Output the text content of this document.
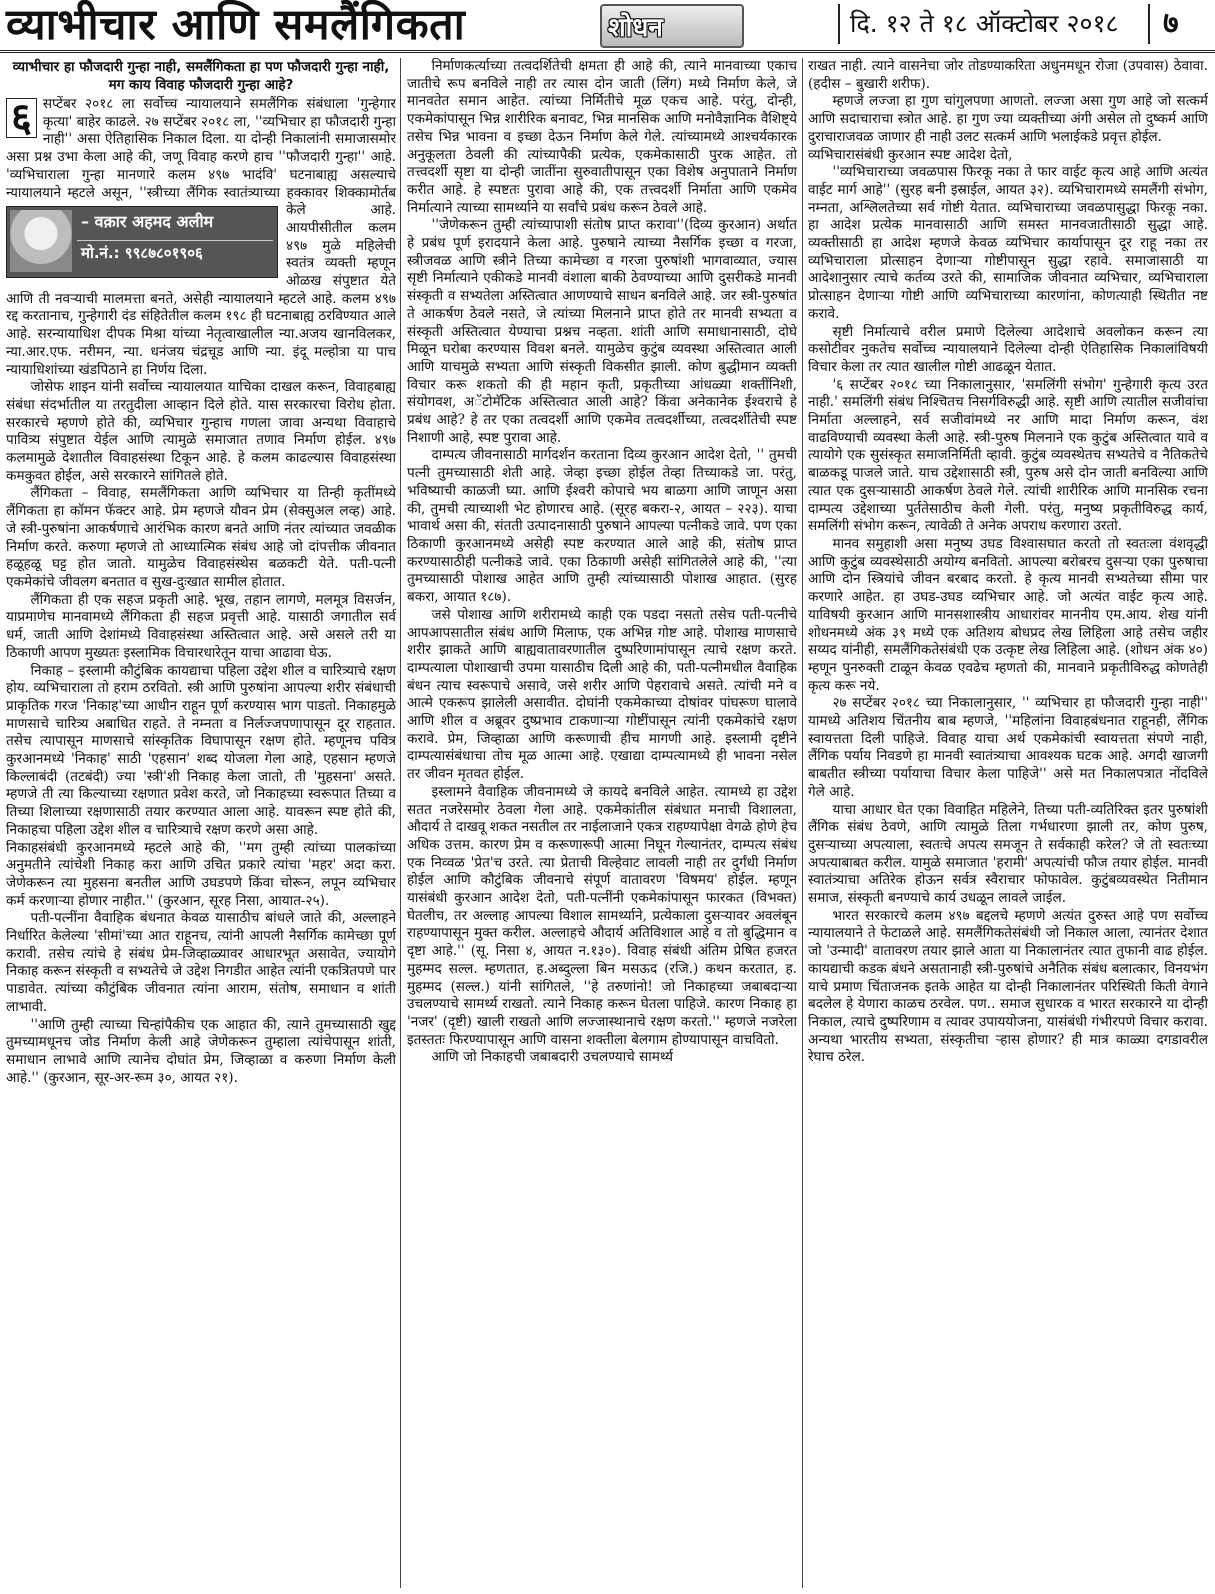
व्याभीचार आणि समलैंगिकता	शोधन	दि. १२ ते १८ ऑक्टोबर २०१८ ७
व्याभीचार हा फौजदारी गुन्हा नाही, समलैंगिकता हा पण फौजदारी गुन्हा नाही, मग काय विवाह फौजदारी गुन्हा आहे?
६ सप्टेंबर २०१८ ला सर्वोच्च न्यायालयाने समलैंगिक संबंधाला 'गुन्हेगार कृत्या' बाहेर काढले. २७ सप्टेंबर २०१८ ला, ''व्यभिचार हा फौजदारी गुन्हा नाही'' असा ऐतिहासिक निकाल दिला. या दोन्ही निकालांनी समाजासमोर असा प्रश्न उभा केला आहे की, जणू विवाह करणे हाच ''फौजदारी गुन्हा'' आहे. 'व्यभिचाराला गुन्हा मानणारे कलम ४९७ भादंवि' घटनाबाह्य असल्याचे न्यायालयाने म्हटले असून, ''
– वक़ार अहमद अलीम
मो.नं.: ९९८७८०१९०६
स्त्रीच्या लैंगिक स्वातंत्र्याच्या हक्कावर शिक्कामोर्तब केले आहे. आयपीसीतील कलम ४९७ मुळे महिलेची स्वतंत्र व्यक्ती म्हणून ओळख संपुष्टात येते आणि ती नवऱ्याची मालमत्ता बनते, असेही न्यायालयाने म्हटले आहे. कलम ४९७ रद्द करतानाच, गुन्हेगारी दंड संहितेतील कलम १९८ ही घटनाबाह्य ठरविण्यात आले आहे. सरन्यायाधिश दीपक मिश्रा यांच्या नेतृत्वाखालील न्या.अजय खानविलकर, न्या.आर.एफ. नरीमन, न्या. धनंजय चंद्रचूड आणि न्या. इंदू मल्होत्रा या पाच न्यायाधिशांच्या खंडपिठाने हा निर्णय दिला.

जोसेफ शाइन यांनी सर्वोच्च न्यायालयात याचिका दाखल करून, विवाहबाह्य संबंधा संदर्भातील या तरतुदीला आव्हान दिले होते. यास सरकारचा विरोध होता. सरकारचे म्हणणे होते की, व्यभिचार गुन्हाच गणला जावा अन्यथा विवाहाचे पावित्र्य संपुष्टात येईल आणि त्यामुळे समाजात तणाव निर्माण होईल. ४९७ कलमामुळे देशातील विवाहसंस्था टिकून आहे. हे कलम काढल्यास विवाहसंस्था कमकुवत होईल, असे सरकारने सांगितले होते.

लैंगिकता – विवाह, समलैंगिकता आणि व्यभिचार या तिन्ही कृतींमध्ये लैंगिकता हा कॉमन फॅक्टर आहे. प्रेम म्हणजे यौवन प्रेम (सेक्सुअल लव्ह) आहे. जे स्त्री-पुरुषांना आकर्षणाचे आरंभिक कारण बनते आणि नंतर त्यांच्यात जवळीक निर्माण करते. करुणा म्हणजे तो आध्यात्मिक संबंध आहे जो दांपत्तीक जीवनात हळूहळू घट्ट होत जातो. यामुळेच विवाहसंस्थेस बळकटी येते. पती-पत्नी एकमेकांचे जीवलग बनतात व सुख-दुःखात सामील होतात.

लैंगिकता ही एक सहज प्रकृती आहे. भूख, तहान लागणे, मलमूत्र विसर्जन, याप्रमाणेच मानवामध्ये लैंगिकता ही सहज प्रवृत्ती आहे. यासाठी जगातील सर्व धर्म, जाती आणि देशांमध्ये विवाहसंस्था अस्तित्वात आहे. असे असले तरी या ठिकाणी आपण मुख्यतः इस्लामिक विचारधारेतून याचा आढावा घेऊ.

निकाह – इस्लामी कौटुंबिक कायद्याचा पहिला उद्देश शील व चारित्र्याचे रक्षण होय. व्यभिचाराला तो हराम ठरवितो. स्त्री आणि पुरुषांना आपल्या शरीर संबंधाची प्राकृतिक गरज 'निकाह'च्या आधीन राहून पूर्ण करण्यास भाग पाडतो. निकाहमुळे माणसाचे चारित्र्य अबाधित राहते. ते नम्नता व निर्लज्जपणापासून दूर राहतात. तसेच त्यापासून माणसाचे सांस्कृतिक विघापासून रक्षण होते. म्हणूनच पवित्र कुरआनमध्ये 'निकाह' साठी 'एहसान' शब्द योजला गेला आहे, एहसान म्हणजे किल्लाबंदी (तटबंदी) ज्या 'स्त्री'शी निकाह केला जातो, ती 'मुहसना' असते. म्हणजे ती त्या किल्याच्या रक्षणात प्रवेश करते, जो निकाहच्या स्वरूपात तिच्या व तिच्या शिलाच्या रक्षणासाठी तयार करण्यात आला आहे. यावरून स्पष्ट होते की, निकाहचा पहिला उद्देश शील व चारित्र्याचे रक्षण करणे असा आहे.

निकाहसंबंधी कुरआनमध्ये म्हटले आहे की, ''मग तुम्ही त्यांच्या पालकांच्या अनुमतीने त्यांचेशी निकाह करा आणि उचित प्रकारे त्यांचा 'महर' अदा करा. जेणेकरून त्या मुहसना बनतील आणि उघडपणे किंवा चोरून, लपून व्यभिचार कर्म करणाऱ्या होणार नाहीत.'' (कुरआन, सूरह निसा, आयात-२५).

पती-पत्नींना वैवाहिक बंधनात केवळ यासाठीच बांधले जाते की, अल्लाहने निर्धारित केलेल्या 'सीमां'च्या आत राहूनच, त्यांनी आपली नैसर्गिक कामेच्छा पूर्ण करावी. तसेच त्यांचे हे संबंध प्रेम-जिव्हाळ्यावर आधारभूत असावेत, ज्यायोगे निकाह करून संस्कृती व सभ्यतेचे जे उद्देश निगडीत आहेत त्यांनी एकत्रितपणे पार पाडावेत. त्यांच्या कौटुंबिक जीवनात त्यांना आराम, संतोष, समाधान व शांती लाभावी.

''आणि तुम्ही त्याच्या चिन्हांपैकीच एक आहात की, त्याने तुमच्यासाठी खुद्द तुमच्यामधूनच जोड निर्माण केली आहे जेणेकरून तुम्हाला त्यांचेपासून शांती, समाधान लाभावे आणि त्यानेच दोघांत प्रेम, जिव्हाळा व करुणा निर्माण केली आहे.'' (कुरआन, सूर-अर-रूम ३०, आयत २१).

निर्माणकर्त्याच्या तत्वदर्शितेची क्षमता ही आहे की, त्याने मानवाच्या एकाच जातीचे रूप बनविले नाही तर त्यास दोन जाती (लिंग) मध्ये निर्माण केले, जे मानवतेत समान आहेत. त्यांच्या निर्मितीचे मूळ एकच आहे. परंतु, दोन्ही, एकमेकांपासून भिन्न शारीरिक बनावट, भिन्न मानसिक आणि मनोवैज्ञानिक वैशिष्ट्ये तसेच भिन्न भावना व इच्छा देऊन निर्माण केले गेले. त्यांच्यामध्ये आश्चर्यकारक अनुकूलता ठेवली की त्यांच्यापैकी प्रत्येक, एकमेकासाठी पुरक आहेत. तो तत्त्वदर्शी सृष्टा या दोन्ही जातींना सुरुवातीपासून एका विशेष अनुपाताने निर्माण करीत आहे. हे स्पष्टतः पुरावा आहे की, एक तत्त्वदर्शी निर्माता आणि एकमेव निर्मात्याने त्याच्या सामर्थ्याने या सर्वांचे प्रबंध करून ठेवले आहे.

''जेणेकरून तुम्ही त्यांच्यापाशी संतोष प्राप्त करावा''(दिव्य कुरआन) अर्थात हे प्रबंध पूर्ण इरादयाने केला आहे. पुरुषाने त्याच्या नैसर्गिक इच्छा व गरजा, स्त्रीजवळ आणि स्त्रीने तिच्या कामेच्छा व गरजा पुरुषांशी भागवाव्यात, ज्यास सृष्टी निर्मात्याने एकीकडे मानवी वंशाला बाकी ठेवण्याच्या आणि दुसरीकडे मानवी संस्कृती व सभ्यतेला अस्तित्वात आणण्याचे साधन बनविले आहे. जर स्त्री-पुरुषांत ते आकर्षण ठेवले नसते, जे त्यांच्या मिलनाने प्राप्त होते तर मानवी सभ्यता व संस्कृती अस्तित्वात येण्याचा प्रश्नच नव्हता. शांती आणि समाधानासाठी, दोघे मिळून घरोबा करण्यास विवश बनले. यामुळेच कुटुंब व्यवस्था अस्तित्वात आली आणि याचमुळे सभ्यता आणि संस्कृती विकसीत झाली. कोण बुद्धीमान व्यक्ती विचार करू शकतो की ही महान कृती, प्रकृतीच्या आंधळ्या शक्तींनिशी, संयोगवश, अॅटोमॅटिक अस्तित्वात आली आहे? किंवा अनेकानेक ईश्वराचे हे प्रबंध आहे? हे तर एका तत्वदर्शी आणि एकमेव तत्वदर्शीच्या, तत्वदर्शीतेची स्पष्ट निशाणी आहे, स्पष्ट पुरावा आहे.

दाम्पत्य जीवनासाठी मार्गदर्शन करताना दिव्य कुरआन आदेश देतो, '' तुमची पत्नी तुमच्यासाठी शेती आहे. जेव्हा इच्छा होईल तेव्हा तिच्याकडे जा. परंतु, भविष्याची काळजी घ्या. आणि ईश्वरी कोपाचे भय बाळगा आणि जाणून असा की, तुमची त्याच्याशी भेट होणारच आहे. (सूरह बकरा-२, आयत – २२३). याचा भावार्थ असा की, संतती उत्पादनासाठी पुरुषाने आपल्या पत्नीकडे जावे. पण एका ठिकाणी कुरआनमध्ये असेही स्पष्ट करण्यात आले आहे की, संतोष प्राप्त करण्यासाठीही पत्नीकडे जावे. एका ठिकाणी असेही सांगितलेले आहे की, ''त्या तुमच्यासाठी पोशाख आहेत आणि तुम्ही त्यांच्यासाठी पोशाख आहात. (सुरह बकरा, आयात १८७).

जसे पोशाख आणि शरीरामध्ये काही एक पडदा नसतो तसेच पती-पत्नीचे आपआपसातील संबंध आणि मिलाफ, एक अभिन्न गोष्ट आहे. पोशाख माणसाचे शरीर झाकते आणि बाह्यवातावरणातील दुष्परिणामांपासून त्याचे रक्षण करते. दाम्पत्याला पोशाखाची उपमा यासाठीच दिली आहे की, पती-पत्नीमधील वैवाहिक बंधन त्याच स्वरूपाचे असावे, जसे शरीर आणि पेहरावाचे असते. त्यांची मने व आत्मे एकरूप झालेली असावीत. दोघांनी एकमेकाच्या दोषांवर पांघरूण घालावे आणि शील व अब्रूवर दुष्प्रभाव टाकणाऱ्या गोष्टींपासून त्यांनी एकमेकांचे रक्षण करावे. प्रेम, जिव्हाळा आणि करूणाची हीच मागणी आहे. इस्लामी दृष्टीने दाम्पत्यासंबंधाचा तोच मूळ आत्मा आहे. एखाद्या दाम्पत्यामध्ये ही भावना नसेल तर जीवन मृतवत होईल.

इस्लामने वैवाहिक जीवनामध्ये जे कायदे बनविले आहेत. त्यामध्ये हा उद्देश सतत नजरेसमोर ठेवला गेला आहे. एकमेकांतील संबंधात मनाची विशालता, औदार्य ते दाखवू शकत नसतील तर नाईलाजाने एकत्र राहण्यापेक्षा वेगळे होणे हेच अधिक उत्तम. कारण प्रेम व करूणारूपी आत्मा निघून गेल्यानंतर, दाम्पत्य संबंध एक निव्वळ 'प्रेत'च उरते. त्या प्रेताची विल्हेवाट लावली नाही तर दुर्गंधी निर्माण होईल आणि कौटुंबिक जीवनाचे संपूर्ण वातावरण 'विषमय' होईल. म्हणून यासंबंधी कुरआन आदेश देतो, पती-पत्नींनी एकमेकांपासून फारकत (विभक्त) घेतलीच, तर अल्लाह आपल्या विशाल सामर्थ्याने, प्रत्येकाला दुसऱ्यावर अवलंबून राहण्यापासून मुक्त करील. अल्लाहचे औदार्य अतिविशाल आहे व तो बुद्धिमान व दृष्टा आहे.'' (सू. निसा ४, आयत न.१३०). विवाह संबंधी अंतिम प्रेषित हजरत मुहम्मद सल्ल. म्हणतात, ह.अब्दुल्ला बिन मसऊद (रजि.) कथन करतात, ह. मुहम्मद (सल्ल.) यांनी सांगितले, ''हे तरुणांनो! जो निकाहच्या जबाबदाऱ्या उचलण्याचे सामर्थ्य राखतो. त्याने निकाह करून घेतला पाहिजे. कारण निकाह हा 'नजर' (दृष्टी) खाली राखतो आणि लज्जास्थानाचे रक्षण करतो.'' म्हणजे नजरेला इतस्ततः फिरण्यापासून आणि वासना शक्तीला बेलगाम होण्यापासून वाचवितो.

आणि जो निकाहची जबाबदारी उचलण्याचे सामर्थ्य

राखत नाही. त्याने वासनेचा जोर तोडण्याकरिता अधुनमधून रोजा (उपवास) ठेवावा. (हदीस – बुखारी शरीफ).

म्हणजे लज्जा हा गुण चांगुलपणा आणतो. लज्जा असा गुण आहे जो सत्कर्म आणि सदाचाराचा स्त्रोत आहे. हा गुण ज्या व्यक्तीच्या अंगी असेल तो दुष्कर्म आणि दुराचाराजवळ जाणार ही नाही उलट सत्कर्म आणि भलाईकडे प्रवृत्त होईल.

व्यभिचारासंबंधी कुरआन स्पष्ट आदेश देतो,

''व्यभिचाराच्या जवळपास फिरकू नका ते फार वाईट कृत्य आहे आणि अत्यंत वाईट मार्ग आहे'' (सुरह बनी इस्राईल, आयत ३२). व्यभिचारामध्ये समलैंगी संभोग, नम्नता, अश्लिलतेच्या सर्व गोष्टी येतात. व्यभिचाराच्या जवळपासुद्धा फिरकू नका. हा आदेश प्रत्येक मानवासाठी आणि समस्त मानवजातीसाठी सुद्धा आहे. व्यक्तीसाठी हा आदेश म्हणजे केवळ व्यभिचार कार्यापासून दूर राहू नका तर व्यभिचाराला प्रोत्साहन देणाऱ्या गोष्टीपासून सुद्धा रहावे. समाजासाठी या आदेशानुसार त्याचे कर्तव्य उरते की, सामाजिक जीवनात व्यभिचार, व्यभिचाराला प्रोत्साहन देणाऱ्या गोष्टी आणि व्यभिचाराच्या कारणांना, कोणत्याही स्थितीत नष्ट करावे.

सृष्टी निर्मात्याचे वरील प्रमाणे दिलेल्या आदेशाचे अवलोकन करून त्या कसोटीवर नुकतेच सर्वोच्च न्यायालयाने दिलेल्या दोन्ही ऐतिहासिक निकालांविषयी विचार केला तर त्यात खालील गोष्टी आढळून येतात.

'६ सप्टेंबर २०१८ च्या निकालानुसार, 'समलिंगी संभोग' गुन्हेगारी कृत्य उरत नाही.' समलिंगी संबंध निश्चितच निसर्गविरुद्धी आहे. सृष्टी आणि त्यातील सजीवांचा निर्माता अल्लाहने, सर्व सजीवांमध्ये नर आणि मादा निर्माण करून, वंश वाढविण्याची व्यवस्था केली आहे. स्त्री-पुरुष मिलनाने एक कुटुंब अस्तित्वात यावे व त्यायोगे एक सुसंस्कृत समाजनिर्मिती व्हावी. कुटुंब व्यवस्थेतच सभ्यतेचे व नैतिकतेचे बाळकडू पाजले जाते. याच उद्देशासाठी स्त्री, पुरुष असे दोन जाती बनविल्या आणि त्यात एक दुसऱ्यासाठी आकर्षण ठेवले गेले. त्यांची शारीरिक आणि मानसिक रचना दाम्पत्य उद्देशाच्या पुर्ततेसाठीच केली गेली. परंतु, मनुष्य प्रकृतीविरुद्ध कार्य, समलिंगी संभोग करून, त्यावेळी ते अनेक अपराध करणारा उरतो.

मानव समुहाशी असा मनुष्य उघड विश्वासघात करतो तो स्वतःला वंशवृद्धी आणि कुटुंब व्यवस्थेसाठी अयोग्य बनवितो. आपल्या बरोबरच दुसऱ्या एका पुरुषाचा आणि दोन स्त्रियांचे जीवन बरबाद करतो. हे कृत्य मानवी सभ्यतेच्या सीमा पार करणारे आहेत. हा उघड-उघड व्यभिचार आहे. जो अत्यंत वाईट कृत्य आहे. याविषयी कुरआन आणि मानसशास्त्रीय आधारांवर माननीय एम.आय. शेख यांनी शोधनमध्ये अंक ३९ मध्ये एक अतिशय बोधप्रद लेख लिहिला आहे तसेच जहीर सय्यद यांनीही, समलैंगिकतेसंबंधी एक उत्कृष्ट लेख लिहिला आहे. (शोधन अंक ४०) म्हणून पुनरुक्ती टाळून केवळ एवढेच म्हणतो की, मानवाने प्रकृतीविरुद्ध कोणतेही कृत्य करू नये.

२७ सप्टेंबर २०१८ च्या निकालानुसार, '' व्यभिचार हा फौजदारी गुन्हा नाही'' यामध्ये अतिशय चिंतनीय बाब म्हणजे, ''महिलांना विवाहबंधनात राहूनही, लैंगिक स्वायत्तता दिली पाहिजे. विवाह याचा अर्थ एकमेकांची स्वायत्तता संपणे नाही, लैंगिक पर्याय निवडणे हा मानवी स्वातंत्र्याचा आवश्यक घटक आहे. अगदी खाजगी बाबतीत स्त्रीच्या पर्यायाचा विचार केला पाहिजे'' असे मत निकालपत्रात नोंदविले गेले आहे.

याचा आधार घेत एका विवाहित महिलेने, तिच्या पती-व्यतिरिक्त इतर पुरुषांशी लैंगिक संबंध ठेवणे, आणि त्यामुळे तिला गर्भधारणा झाली तर, कोण पुरुष, दुसऱ्याच्या अपत्याला, स्वतःचे अपत्य समजून ते सर्वकाही करेल? जे तो स्वतःच्या अपत्याबाबत करील. यामुळे समाजात 'हरामी' अपत्यांची फौज तयार होईल. मानवी स्वातंत्र्याचा अतिरेक होऊन सर्वत्र स्वैराचार फोफावेल. कुटुंबव्यवस्थेत नितीमान समाज, संस्कृती बनण्याचे कार्य उधळून लावले जाईल.

भारत सरकारचे कलम ४९७ बद्दलचे म्हणणे अत्यंत दुरुस्त आहे पण सर्वोच्च न्यायालयाने ते फेटाळले आहे. समलैंगिकतेसंबंधी जो निकाल आला, त्यानंतर देशात जो 'उन्मादी' वातावरण तयार झाले आता या निकालानंतर त्यात तुफानी वाढ होईल. कायद्याची कडक बंधने असतानाही स्त्री-पुरुषांचे अनैतिक संबंध बलात्कार, विनयभंग याचे प्रमाण चिंताजनक इतके आहेत या दोन्ही निकालानंतर परिस्थिती किती वेगाने बदलेल हे येणारा काळच ठरवेल. पण.. समाज सुधारक व भारत सरकारने या दोन्ही निकाल, त्याचे दुष्परिणाम व त्यावर उपाययोजना, यासंबंधी गंभीरपणे विचार करावा. अन्यथा भारतीय सभ्यता, संस्कृतीचा ऱ्हास होणार? ही मात्र काळ्या दगडावरील रेघाच ठरेल.
